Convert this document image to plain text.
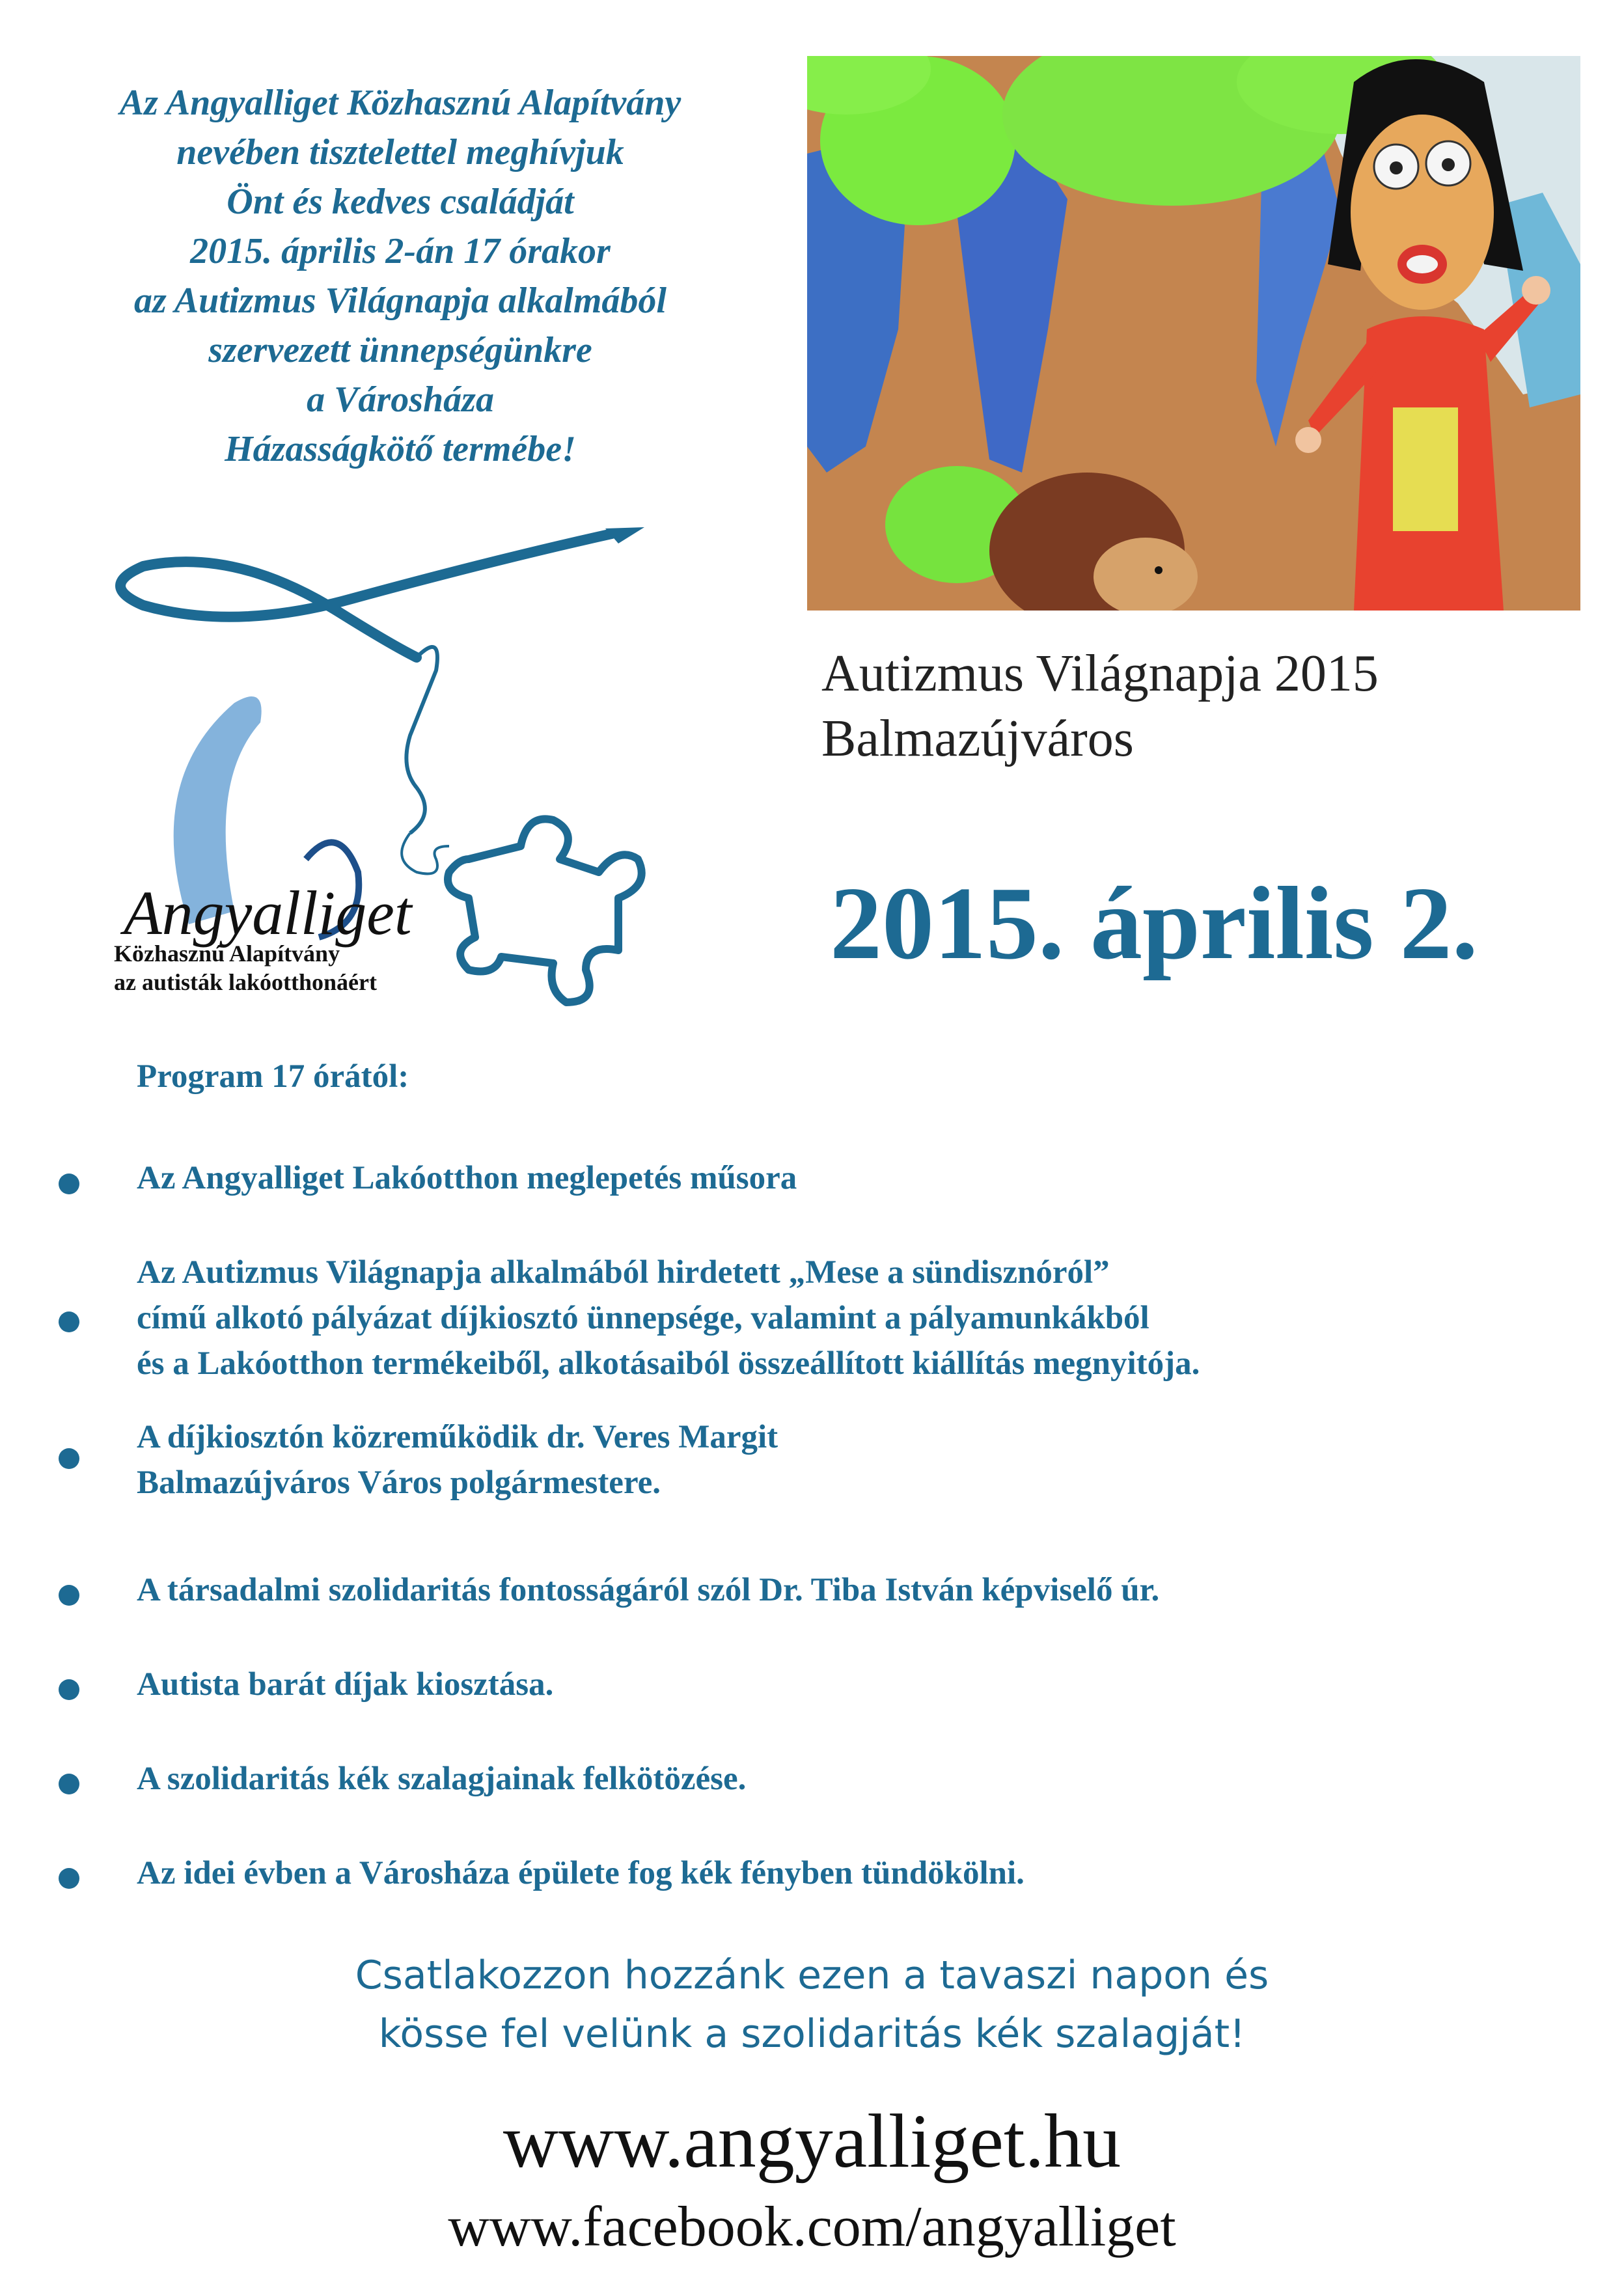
Az Angyalliget Közhasznú Alapítvány
nevében tisztelettel meghívjuk
Önt és kedves családját
2015. április 2-án 17 órakor
az Autizmus Világnapja alkalmából
szervezett ünnepségünkre
a Városháza
Házasságkötő termébe!
Angyalliget
Közhasznú Alapítvány
az autisták lakóotthonáért
Autizmus Világnapja 2015
Balmazújváros
2015. április 2.
Program 17 órától:
Az Angyalliget Lakóotthon meglepetés műsora
Az Autizmus Világnapja alkalmából hirdetett „Mese a sündisznóról”
című alkotó pályázat díjkiosztó ünnepsége, valamint a pályamunkákból
és a Lakóotthon termékeiből, alkotásaiból összeállított kiállítás megnyitója.
A díjkiosztón közreműködik dr. Veres Margit
Balmazújváros Város polgármestere.
A társadalmi szolidaritás fontosságáról szól Dr. Tiba István képviselő úr.
Autista barát díjak kiosztása.
A szolidaritás kék szalagjainak felkötözése.
Az idei évben a Városháza épülete fog kék fényben tündökölni.
Csatlakozzon hozzánk ezen a tavaszi napon és
kösse fel velünk a szolidaritás kék szalagját!
www.angyalliget.hu
www.facebook.com/angyalliget
